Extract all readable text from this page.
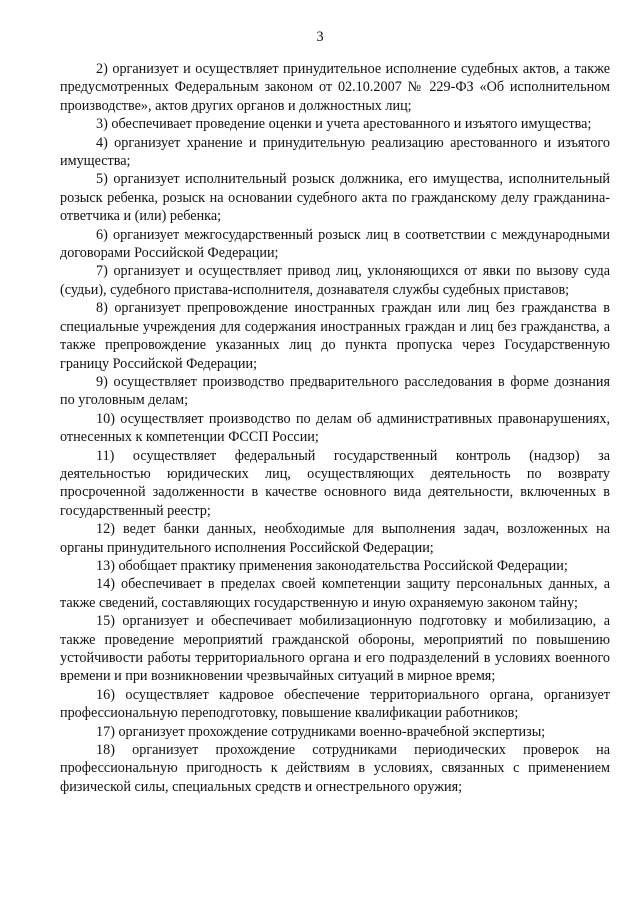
3

2) организует и осуществляет принудительное исполнение судебных актов, а также предусмотренных Федеральным законом от 02.10.2007 № 229-ФЗ «Об исполнительном производстве», актов других органов и должностных лиц;

3) обеспечивает проведение оценки и учета арестованного и изъятого имущества;

4) организует хранение и принудительную реализацию арестованного и изъятого имущества;

5) организует исполнительный розыск должника, его имущества, исполнительный розыск ребенка, розыск на основании судебного акта по гражданскому делу гражданина-ответчика и (или) ребенка;

6) организует межгосударственный розыск лиц в соответствии с международными договорами Российской Федерации;

7) организует и осуществляет привод лиц, уклоняющихся от явки по вызову суда (судьи), судебного пристава-исполнителя, дознавателя службы судебных приставов;

8) организует препровождение иностранных граждан или лиц без гражданства в специальные учреждения для содержания иностранных граждан и лиц без гражданства, а также препровождение указанных лиц до пункта пропуска через Государственную границу Российской Федерации;

9) осуществляет производство предварительного расследования в форме дознания по уголовным делам;

10) осуществляет производство по делам об административных правонарушениях, отнесенных к компетенции ФССП России;

11) осуществляет федеральный государственный контроль (надзор) за деятельностью юридических лиц, осуществляющих деятельность по возврату просроченной задолженности в качестве основного вида деятельности, включенных в государственный реестр;

12) ведет банки данных, необходимые для выполнения задач, возложенных на органы принудительного исполнения Российской Федерации;

13) обобщает практику применения законодательства Российской Федерации;

14) обеспечивает в пределах своей компетенции защиту персональных данных, а также сведений, составляющих государственную и иную охраняемую законом тайну;

15) организует и обеспечивает мобилизационную подготовку и мобилизацию, а также проведение мероприятий гражданской обороны, мероприятий по повышению устойчивости работы территориального органа и его подразделений в условиях военного времени и при возникновении чрезвычайных ситуаций в мирное время;

16) осуществляет кадровое обеспечение территориального органа, организует профессиональную переподготовку, повышение квалификации работников;

17) организует прохождение сотрудниками военно-врачебной экспертизы;

18) организует прохождение сотрудниками периодических проверок на профессиональную пригодность к действиям в условиях, связанных с применением физической силы, специальных средств и огнестрельного оружия;
